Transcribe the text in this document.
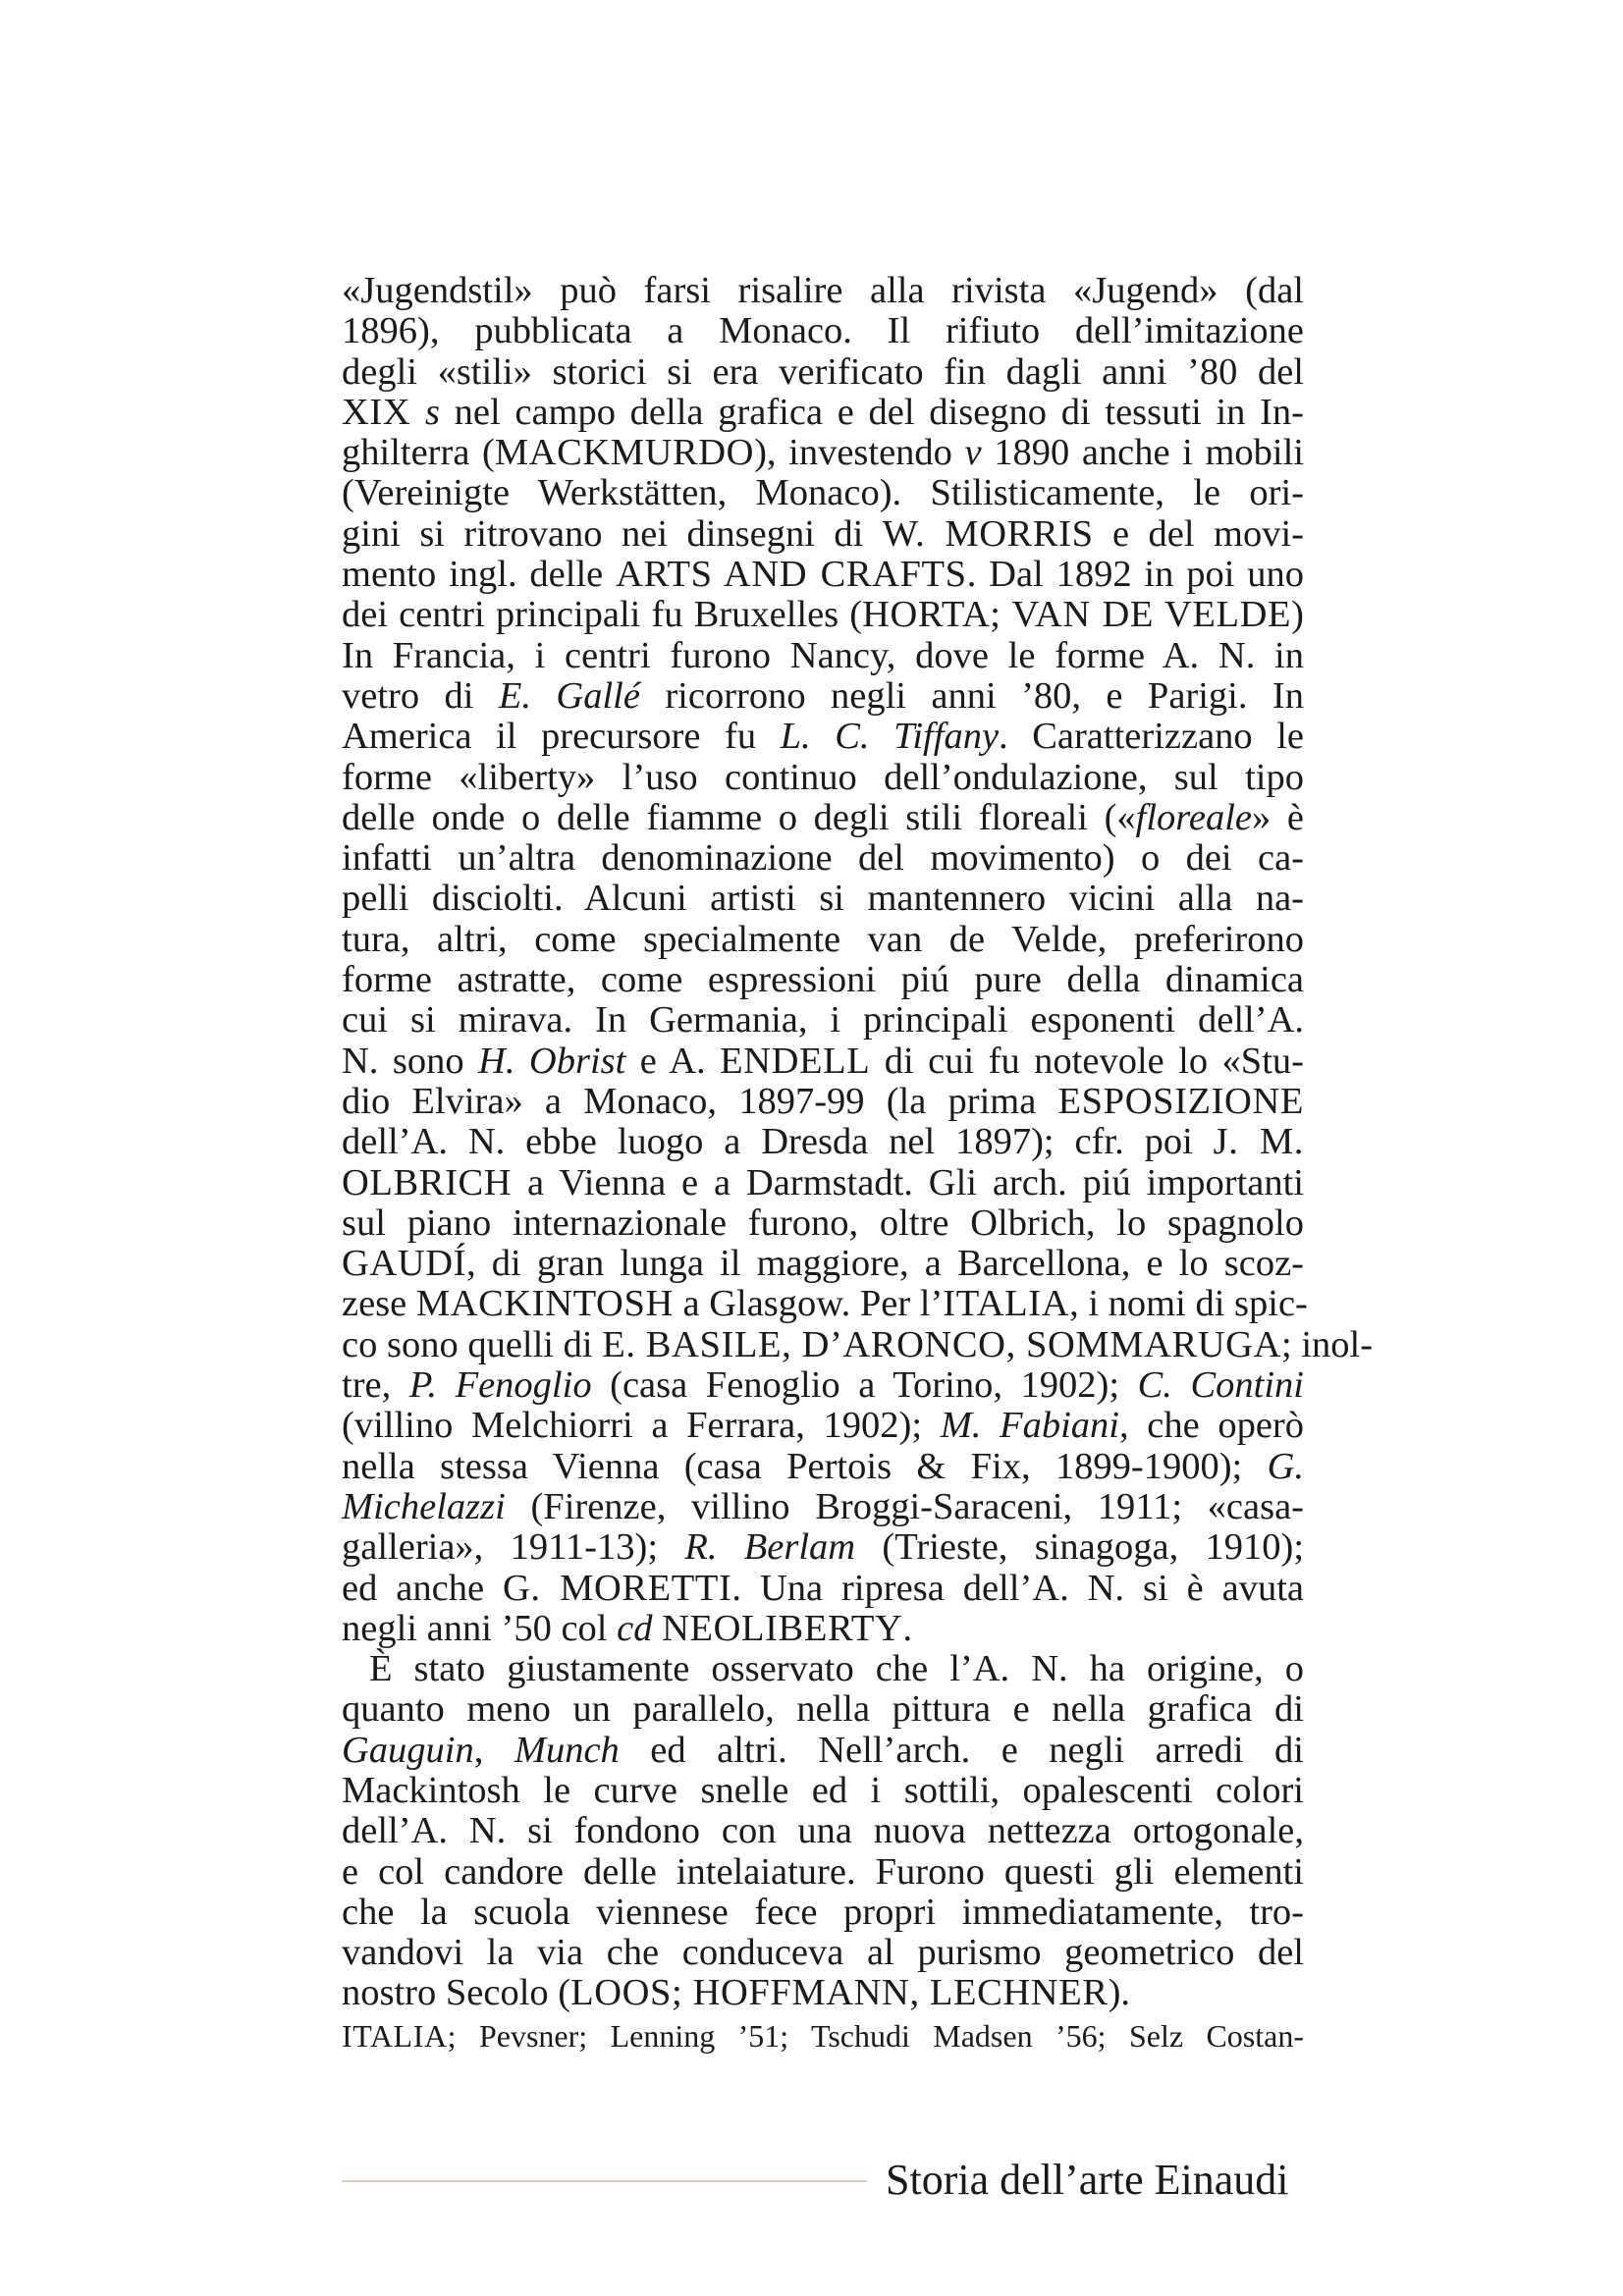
«Jugendstil» può farsi risalire alla rivista «Jugend» (dal
1896), pubblicata a Monaco. Il rifiuto dell’imitazione
degli «stili» storici si era verificato fin dagli anni ’80 del
XIX s nel campo della grafica e del disegno di tessuti in In-
ghilterra (MACKMURDO), investendo v 1890 anche i mobili
(Vereinigte Werkstätten, Monaco). Stilisticamente, le ori-
gini si ritrovano nei dinsegni di W. MORRIS e del movi-
mento ingl. delle ARTS AND CRAFTS. Dal 1892 in poi uno
dei centri principali fu Bruxelles (HORTA; VAN DE VELDE)
In Francia, i centri furono Nancy, dove le forme A. N. in
vetro di E. Gallé ricorrono negli anni ’80, e Parigi. In
America il precursore fu L. C. Tiffany. Caratterizzano le
forme «liberty» l’uso continuo dell’ondulazione, sul tipo
delle onde o delle fiamme o degli stili floreali («floreale» è
infatti un’altra denominazione del movimento) o dei ca-
pelli disciolti. Alcuni artisti si mantennero vicini alla na-
tura, altri, come specialmente van de Velde, preferirono
forme astratte, come espressioni piú pure della dinamica
cui si mirava. In Germania, i principali esponenti dell’A.
N. sono H. Obrist e A. ENDELL di cui fu notevole lo «Stu-
dio Elvira» a Monaco, 1897-99 (la prima ESPOSIZIONE
dell’A. N. ebbe luogo a Dresda nel 1897); cfr. poi J. M.
OLBRICH a Vienna e a Darmstadt. Gli arch. piú importanti
sul piano internazionale furono, oltre Olbrich, lo spagnolo
GAUDÍ, di gran lunga il maggiore, a Barcellona, e lo scoz-
zese MACKINTOSH a Glasgow. Per l’ITALIA, i nomi di spic-
co sono quelli di E. BASILE, D’ARONCO, SOMMARUGA; inol-
tre, P. Fenoglio (casa Fenoglio a Torino, 1902); C. Contini
(villino Melchiorri a Ferrara, 1902); M. Fabiani, che operò
nella stessa Vienna (casa Pertois & Fix, 1899-1900); G.
Michelazzi (Firenze, villino Broggi-Saraceni, 1911; «casa-
galleria», 1911-13); R. Berlam (Trieste, sinagoga, 1910);
ed anche G. MORETTI. Una ripresa dell’A. N. si è avuta
negli anni ’50 col cd NEOLIBERTY.
È stato giustamente osservato che l’A. N. ha origine, o
quanto meno un parallelo, nella pittura e nella grafica di
Gauguin, Munch ed altri. Nell’arch. e negli arredi di
Mackintosh le curve snelle ed i sottili, opalescenti colori
dell’A. N. si fondono con una nuova nettezza ortogonale,
e col candore delle intelaiature. Furono questi gli elementi
che la scuola viennese fece propri immediatamente, tro-
vandovi la via che conduceva al purismo geometrico del
nostro Secolo (LOOS; HOFFMANN, LECHNER).
ITALIA; Pevsner; Lenning ’51; Tschudi Madsen ’56; Selz Costan-
Storia dell’arte Einaudi
